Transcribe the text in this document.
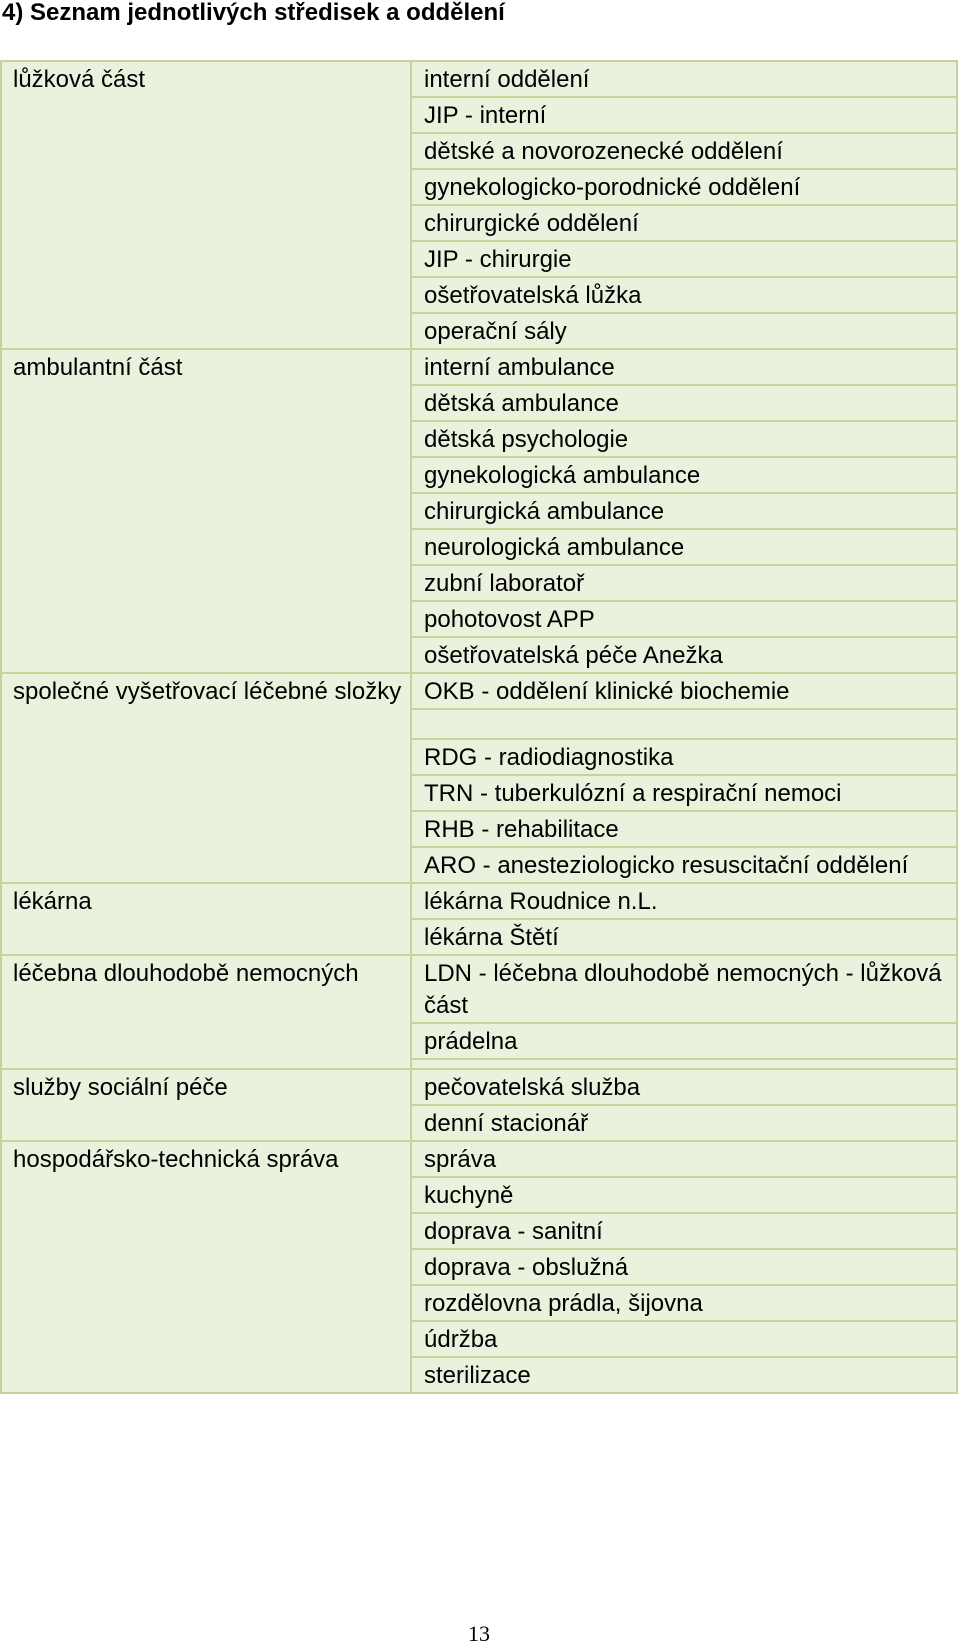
4) Seznam jednotlivých středisek a oddělení
lůžková část	interní oddělení
JIP - interní
dětské a novorozenecké oddělení
gynekologicko-porodnické oddělení
chirurgické oddělení
JIP - chirurgie
ošetřovatelská lůžka
operační sály
ambulantní část	interní ambulance
dětská ambulance
dětská psychologie
gynekologická ambulance
chirurgická ambulance
neurologická ambulance
zubní laboratoř
pohotovost APP
ošetřovatelská péče Anežka
společné vyšetřovací léčebné složky OKB - oddělení klinické biochemie
RDG - radiodiagnostika
TRN - tuberkulózní a respirační nemoci
RHB - rehabilitace
ARO - anesteziologicko resuscitační oddělení
lékárna	lékárna Roudnice n.L.
lékárna Štětí
léčebna dlouhodobě nemocných	LDN - léčebna dlouhodobě nemocných - lůžková část
prádelna
služby sociální péče	pečovatelská služba
denní stacionář
hospodářsko-technická správa	správa
kuchyně
doprava - sanitní
doprava - obslužná
rozdělovna prádla, šijovna
údržba
sterilizace
13
